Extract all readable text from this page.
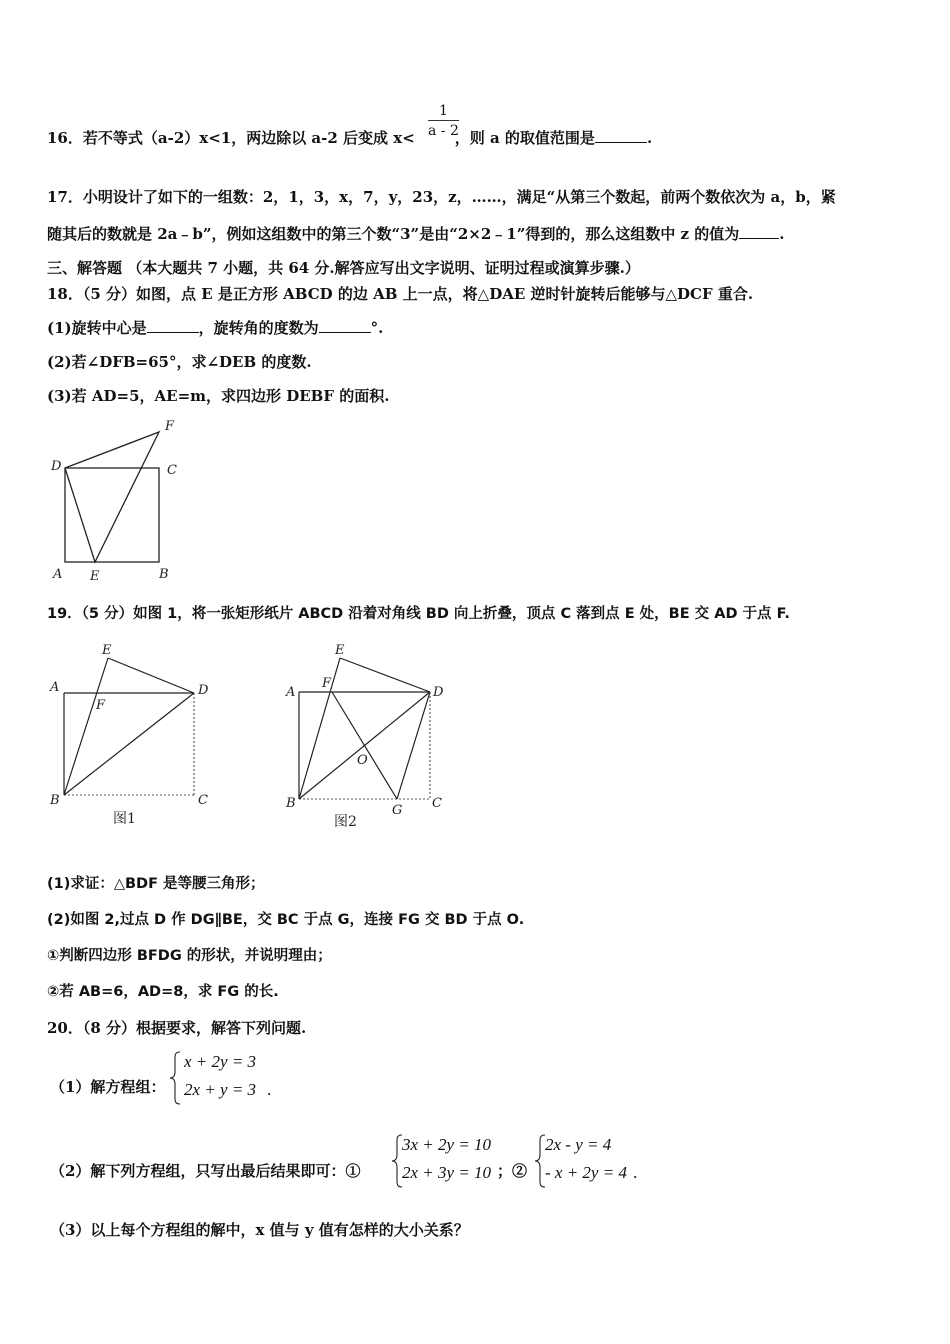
16．若不等式（a-2）x<1，两边除以 a-2 后变成 x<	，则 a 的取值范围是	.
$\frac{1}{a - 2}$
17．小明设计了如下的一组数：2，1，3，x，7，y，23，z，……，满足“从第三个数起，前两个数依次为 a，b，紧
随其后的数就是 2a﹣b”，例如这组数中的第三个数“3”是由“2×2﹣1”得到的，那么这组数中 z 的值为	.
三、解答题 （本大题共 7 小题，共 64 分.解答应写出文字说明、证明过程或演算步骤.）
18．（5 分）如图，点 E 是正方形 ABCD 的边 AB 上一点，将△DAE 逆时针旋转后能够与△DCF 重合.
(1)旋转中心是	，旋转角的度数为	°.
(2)若∠DFB=65°，求∠DEB 的度数.
(3)若 AD=5，AE=m，求四边形 DEBF 的面积.
D	C
F
A E	B
19．（5 分）如图 1，将一张矩形纸片 ABCD 沿着对角线 BD 向上折叠，顶点 C 落到点 E 处，BE 交 AD 于点 F.
A
E
F
D
B	C
图1
A
E
F
D
O
B	G C
图2
(1)求证：△BDF 是等腰三角形；
(2)如图 2,过点 D 作 DG∥BE，交 BC 于点 G，连接 FG 交 BD 于点 O.
①判断四边形 BFDG 的形状，并说明理由；
②若 AB=6，AD=8，求 FG 的长.
20．（8 分）根据要求，解答下列问题.
（1）解方程组：
x + 2y = 3
2x + y = 3 .
（2）解下列方程组，只写出最后结果即可：①
3x + 2y = 10
2x + 3y = 10 ；②
2x - y = 4
- x + 2y = 4 .
（3）以上每个方程组的解中，x 值与 y 值有怎样的大小关系？
